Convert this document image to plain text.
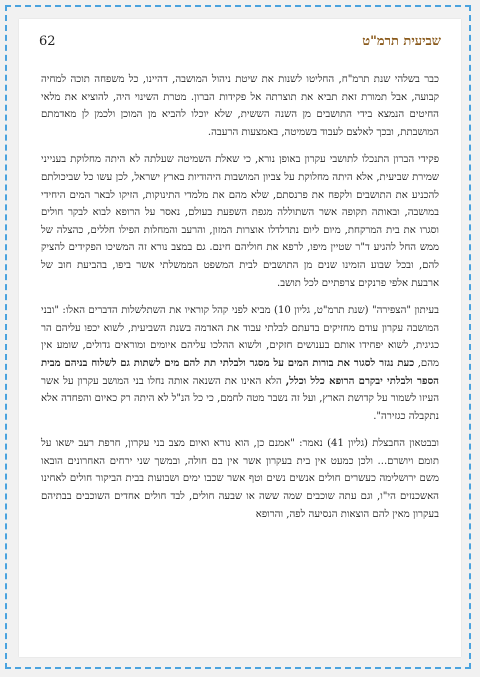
62	שביעית תרמ"ט

כבר בשלהי שנת תרמ"ח, החליטו לשנות את שיטת ניהול המושבה, דהיינו, כל משפחה תוכה למחיה קבועה, אבל תמורת זאת תביא את תוצרתה אל פקידות הברון. מטרת השינוי היה, להוציא את מלאי החיטים הנמצא בידי התושבים מן השנה הששית, שלא יוכלו להביא מן המוכן ולכמן לן מאדמתם המושבתת, ובכך לאלצם לעבוד בשמיטה, באמצעות הרעבה.

פקידי הברון התנכלו לתושבי עקרון באופן נורא, כי שאלת השמיטה שעלתה לא היתה מחלוקת בענייני שמירת שביעית, אלא היתה מחלוקת על צביון המושבות היהודיות בארץ ישראל, לכן עשו כל שביכולתם להכניע את התושבים ולקפח את פרנסתם, שלא מהם את מלמדי התינוקות, הזיקו לבאר המים היחידי במושבה, ובאותה תקופה אשר השתוללה מגפת השפעת בעולם, נאסר על הרופא לבוא לבקר חולים וסגרו את בית המרקחת, מיום ליום נתדלדלו אוצרות המזון, והרעב והמחלות הפילו חללים, כהצלה של ממש החל להגיע ד"ר שטיין מיפו, לרפא את חוליהם חינם. גם במצב נורא זה המשיכו הפקידים להציק להם, ובכל שבוע הזמינו שנים מן התושבים לבית המשפט הממשלתי אשר ביפו, בהביעת חוב של ארבעת אלפי פרנקים צרפתיים לכל תושב.

בעיתון "הצפירה" (שנת תרמ"ט, גליון 10) מביא לפני קהל קוראיו את השתלשלות הדברים האלו: "ובני המושבה עקרון עודם מחזיקים בדעתם לבלתי עבוד את האדמה בשנת השביעית, לשוא יכפו עליהם הר כגיגית, לשוא יפחידו אותם בענושים חזקים, ולשוא ההלכו עליהם איומים ומוראים גדולים, שומע אין מהם, כעת נגזר לסגור את בורות המים על מסגר ולבלתי תת להם מים לשתות גם לשלוח בניהם מבית הספר ולבלתי יבקרם הרופא כלל וכלל, הלא האינו את השנאה אותה נחלו בני המושב עקרון על אשר העיזו לשמור על קדושת הארץ, ועל זה נשבר מטה לחמם, כי כל הנ"ל לא היתה רק כאיום והפחדה אלא נתקבלה כגזירה".

ובבטאון החבצלת (גליון 41) נאמר: "אמנם כן, הוא נורא ואיום מצב בני עקרון, חרפת רעב ישאו על תומם ויושרם... ולכן כמעט אין בית בעקרון אשר אין בם חולה, ובמשך שני ירחים האחרונים הובאו משם ירושלימה כעשרים חולים אנשים נשים וטף אשר שכבו ימים ושבועות בבית הביקור חולים לאחינו האשכנזים הי"ו, וגם עתה שוכבים שמה ששה או שבעה חולים, לבד חולים אחדים השוכבים בבתיהם בעקרון מאין להם הוצאות הנסיעה לפה, והרופא
